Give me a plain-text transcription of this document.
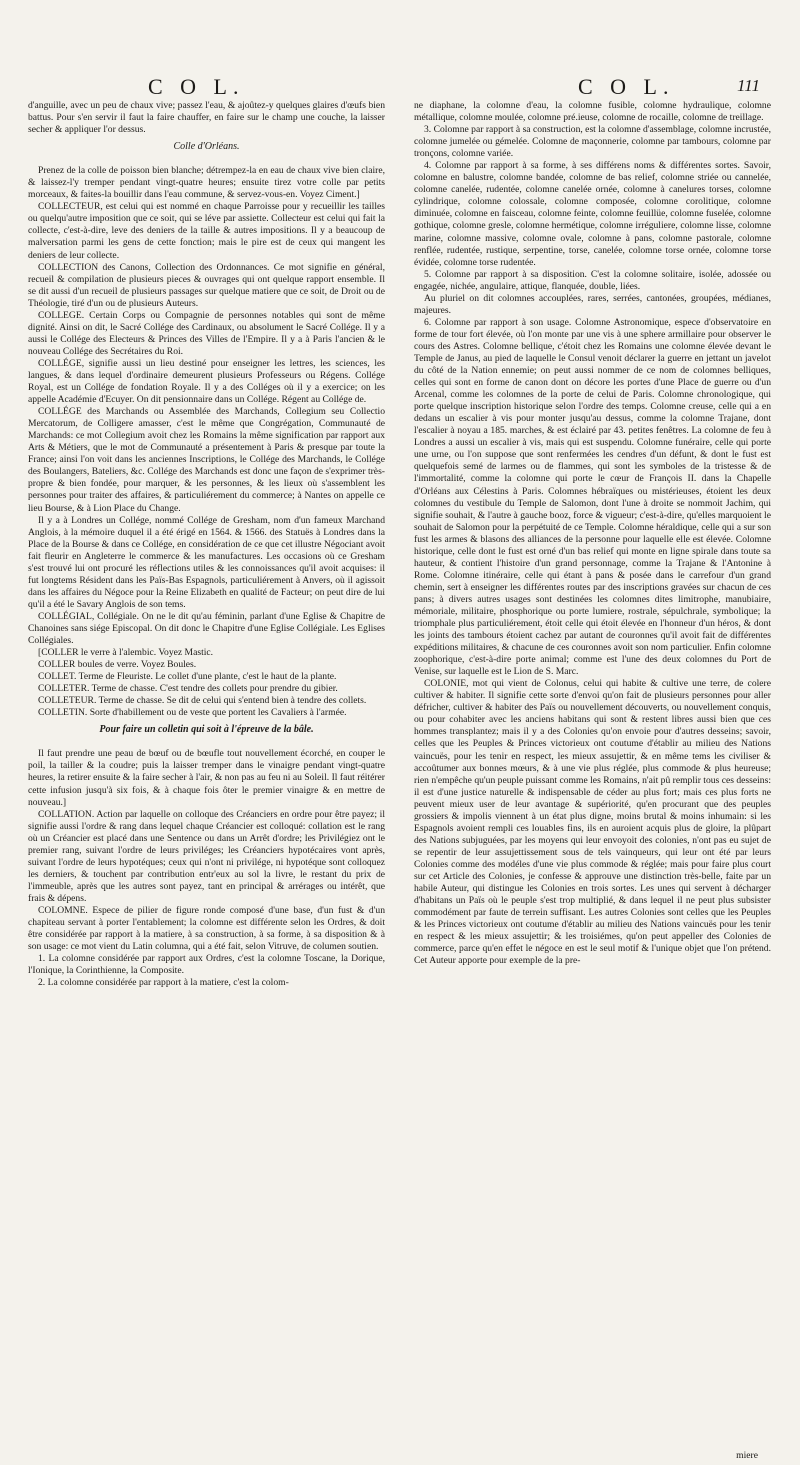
C O L.	C O L.	111

d'anguille, avec un peu de chaux vive; passez l'eau, & ajoûtez-y quelques glaires d'œufs bien battus. Pour s'en servir il faut la faire chauffer, en faire sur le champ une couche, la laisser secher & appliquer l'or dessus.

Colle d'Orléans.

Prenez de la colle de poisson bien blanche; détrempez-la en eau de chaux vive bien claire, & laissez-l'y tremper pendant vingt-quatre heures; ensuite tirez votre colle par petits morceaux, & faites-la bouillir dans l'eau commune, & servez-vous-en. Voyez Ciment.]

COLLECTEUR, est celui qui est nommé en chaque Parroisse pour y recueillir les tailles ou quelqu'autre imposition que ce soit, qui se léve par assiette. Collecteur est celui qui fait la collecte, c'est-à-dire, leve des deniers de la taille & autres impositions. Il y a beaucoup de malversation parmi les gens de cette fonction; mais le pire est de ceux qui mangent les deniers de leur collecte.

COLLECTION des Canons, Collection des Ordonnances. Ce mot signifie en général, recueil & compilation de plusieurs pieces & ouvrages qui ont quelque rapport ensemble. Il se dit aussi d'un recueil de plusieurs passages sur quelque matiere que ce soit, de Droit ou de Théologie, tiré d'un ou de plusieurs Auteurs.

COLLEGE. Certain Corps ou Compagnie de personnes notables qui sont de même dignité. Ainsi on dit, le Sacré Collége des Cardinaux, ou absolument le Sacré Collége. Il y a aussi le Collége des Electeurs & Princes des Villes de l'Empire. Il y a à Paris l'ancien & le nouveau Collége des Secrétaires du Roi.

COLLÉGE, signifie aussi un lieu destiné pour enseigner les lettres, les sciences, les langues, & dans lequel d'ordinaire demeurent plusieurs Professeurs ou Régens. Collége Royal, est un Collége de fondation Royale. Il y a des Colléges où il y a exercice; on les appelle Académie d'Ecuyer. On dit pensionnaire dans un Collége. Régent au Collége de.

COLLÉGE des Marchands ou Assemblée des Marchands, Collegium seu Collectio Mercatorum, de Colligere amasser, c'est le même que Congrégation, Communauté de Marchands: ce mot Collegium avoit chez les Romains la même signification par rapport aux Arts & Métiers, que le mot de Communauté a présentement à Paris & presque par toute la France; ainsi l'on voit dans les anciennes Inscriptions, le Collége des Marchands, le Collége des Boulangers, Bateliers, &c. Collége des Marchands est donc une façon de s'exprimer très-propre & bien fondée, pour marquer, & les personnes, & les lieux où s'assemblent les personnes pour traiter des affaires, & particuliérement du commerce; à Nantes on appelle ce lieu Bourse, & à Lion Place du Change.

Il y a à Londres un Collége, nommé Collége de Gresham, nom d'un fameux Marchand Anglois, à la mémoire duquel il a été érigé en 1564. & 1566. des Statuës à Londres dans la Place de la Bourse & dans ce Collége, en considération de ce que cet illustre Négociant avoit fait fleurir en Angleterre le commerce & les manufactures. Les occasions où ce Gresham s'est trouvé lui ont procuré les réflections utiles & les connoissances qu'il avoit acquises: il fut longtems Résident dans les Païs-Bas Espagnols, particuliérement à Anvers, où il agissoit dans les affaires du Négoce pour la Reine Elizabeth en qualité de Facteur; on peut dire de lui qu'il a été le Savary Anglois de son tems.

COLLÉGIAL, Collégiale. On ne le dit qu'au féminin, parlant d'une Eglise & Chapitre de Chanoines sans siége Episcopal. On dit donc le Chapitre d'une Eglise Collégiale. Les Eglises Collégiales.

[COLLER le verre à l'alembic. Voyez Mastic.

COLLER boules de verre. Voyez Boules.

COLLET. Terme de Fleuriste. Le collet d'une plante, c'est le haut de la plante.

COLLETER. Terme de chasse. C'est tendre des collets pour prendre du gibier.

COLLETEUR. Terme de chasse. Se dit de celui qui s'entend bien à tendre des collets.

COLLETIN. Sorte d'habillement ou de veste que portent les Cavaliers à l'armée.

Pour faire un colletin qui soit à l'épreuve de la bâle.

Il faut prendre une peau de bœuf ou de bœufle tout nouvellement écorché, en couper le poil, la tailler & la coudre; puis la laisser tremper dans le vinaigre pendant vingt-quatre heures, la retirer ensuite & la faire secher à l'air, & non pas au feu ni au Soleil. Il faut réitérer cette infusion jusqu'à six fois, & à chaque fois ôter le premier vinaigre & en mettre de nouveau.]

COLLATION. Action par laquelle on colloque des Créanciers en ordre pour être payez; il signifie aussi l'ordre & rang dans lequel chaque Créancier est colloqué: collation est le rang où un Créancier est placé dans une Sentence ou dans un Arrêt d'ordre; les Privilégiez ont le premier rang, suivant l'ordre de leurs priviléges; les Créanciers hypotécaires vont après, suivant l'ordre de leurs hypotéques; ceux qui n'ont ni privilége, ni hypotéque sont colloquez les derniers, & touchent par contribution entr'eux au sol la livre, le restant du prix de l'immeuble, après que les autres sont payez, tant en principal & arrérages ou intérêt, que frais & dépens.

COLOMNE. Espece de pilier de figure ronde composé d'une base, d'un fust & d'un chapiteau servant à porter l'entablement; la colomne est différente selon les Ordres, & doit être considérée par rapport à la matiere, à sa construction, à sa forme, à sa disposition & à son usage: ce mot vient du Latin columna, qui a été fait, selon Vitruve, de columen soutien.

1. La colomne considérée par rapport aux Ordres, c'est la colomne Toscane, la Dorique, l'Ionique, la Corinthienne, la Composite.

2. La colomne considérée par rapport à la matiere, c'est la colom-

ne diaphane, la colomne d'eau, la colomne fusible, colomne hydraulique, colomne métallique, colomne moulée, colomne pré.ieuse, colomne de rocaille, colomne de treillage.

3. Colomne par rapport à sa construction, est la colomne d'assemblage, colomne incrustée, colomne jumelée ou gémelée. Colomne de maçonnerie, colomne par tambours, colomne par tronçons, colomne variée.

4. Colomne par rapport à sa forme, à ses différens noms & différentes sortes. Savoir, colomne en balustre, colomne bandée, colomne de bas relief, colomne striée ou cannelée, colomne canelée, rudentée, colomne canelée ornée, colomne à canelures torses, colomne cylindrique, colomne colossale, colomne composée, colomne corolitique, colomne diminuée, colomne en faisceau, colomne feinte, colomne feuillüe, colomne fuselée, colomne gothique, colomne gresle, colomne hermétique, colomne irréguliere, colomne lisse, colomne marine, colomne massive, colomne ovale, colomne à pans, colomne pastorale, colomne renflée, rudentée, rustique, serpentine, torse, canelée, colomne torse ornée, colomne torse évidée, colomne torse rudentée.

5. Colomne par rapport à sa disposition. C'est la colomne solitaire, isolée, adossée ou engagée, nichée, angulaire, attique, flanquée, double, liées.

Au pluriel on dit colomnes accouplées, rares, serrées, cantonées, groupées, médianes, majeures.

6. Colomne par rapport à son usage. Colomne Astronomique, espece d'observatoire en forme de tour fort élevée, où l'on monte par une vis à une sphere armillaire pour observer le cours des Astres. Colomne bellique, c'étoit chez les Romains une colomne élevée devant le Temple de Janus, au pied de laquelle le Consul venoit déclarer la guerre en jettant un javelot du côté de la Nation ennemie; on peut aussi nommer de ce nom de colomnes belliques, celles qui sont en forme de canon dont on décore les portes d'une Place de guerre ou d'un Arcenal, comme les colomnes de la porte de celui de Paris. Colomne chronologique, qui porte quelque inscription historique selon l'ordre des temps. Colomne creuse, celle qui a en dedans un escalier à vis pour monter jusqu'au dessus, comme la colomne Trajane, dont l'escalier à noyau a 185. marches, & est éclairé par 43. petites fenêtres. La colomne de feu à Londres a aussi un escalier à vis, mais qui est suspendu. Colomne funéraire, celle qui porte une urne, ou l'on suppose que sont renfermées les cendres d'un défunt, & dont le fust est quelquefois semé de larmes ou de flammes, qui sont les symboles de la tristesse & de l'immortalité, comme la colomne qui porte le cœur de François II. dans la Chapelle d'Orléans aux Célestins à Paris. Colomnes hébraïques ou mistérieuses, étoient les deux colomnes du vestibule du Temple de Salomon, dont l'une à droite se nommoit Jachim, qui signifie souhait, & l'autre à gauche booz, force & vigueur; c'est-à-dire, qu'elles marquoient le souhait de Salomon pour la perpétuité de ce Temple. Colomne héraldique, celle qui a sur son fust les armes & blasons des alliances de la personne pour laquelle elle est élevée. Colomne historique, celle dont le fust est orné d'un bas relief qui monte en ligne spirale dans toute sa hauteur, & contient l'histoire d'un grand personnage, comme la Trajane & l'Antonine à Rome. Colomne itinéraire, celle qui étant à pans & posée dans le carrefour d'un grand chemin, sert à enseigner les différentes routes par des inscriptions gravées sur chacun de ces pans; à divers autres usages sont destinées les colomnes dites limitrophe, manubiaire, mémoriale, militaire, phosphorique ou porte lumiere, rostrale, sépulchrale, symbolique; la triomphale plus particuliérement, étoit celle qui étoit élevée en l'honneur d'un héros, & dont les joints des tambours étoient cachez par autant de couronnes qu'il avoit fait de différentes expéditions militaires, & chacune de ces couronnes avoit son nom particulier. Enfin colomne zoophorique, c'est-à-dire porte animal; comme est l'une des deux colomnes du Port de Venise, sur laquelle est le Lion de S. Marc.

COLONIE, mot qui vient de Colonus, celui qui habite & cultive une terre, de colere cultiver & habiter. Il signifie cette sorte d'envoi qu'on fait de plusieurs personnes pour aller défricher, cultiver & habiter des Païs ou nouvellement découverts, ou nouvellement conquis, ou pour cohabiter avec les anciens habitans qui sont & restent libres aussi bien que ces hommes transplantez; mais il y a des Colonies qu'on envoie pour d'autres desseins; savoir, celles que les Peuples & Princes victorieux ont coutume d'établir au milieu des Nations vaincuës, pour les tenir en respect, les mieux assujettir, & en même tems les civiliser & accoûtumer aux bonnes mœurs, & à une vie plus réglée, plus commode & plus heureuse; rien n'empêche qu'un peuple puissant comme les Romains, n'ait pû remplir tous ces desseins: il est d'une justice naturelle & indispensable de céder au plus fort; mais ces plus forts ne peuvent mieux user de leur avantage & supériorité, qu'en procurant que des peuples grossiers & impolis viennent à un état plus digne, moins brutal & moins inhumain: si les Espagnols avoient rempli ces louables fins, ils en auroient acquis plus de gloire, la plûpart des Nations subjuguées, par les moyens qui leur envoyoit des colonies, n'ont pas eu sujet de se repentir de leur assujettissement sous de tels vainqueurs, qui leur ont été par leurs Colonies comme des modéles d'une vie plus commode & réglée; mais pour faire plus court sur cet Article des Colonies, je confesse & approuve une distinction très-belle, faite par un habile Auteur, qui distingue les Colonies en trois sortes. Les unes qui servent à décharger d'habitans un Païs où le peuple s'est trop multiplié, & dans lequel il ne peut plus subsister commodément par faute de terrein suffisant. Les autres Colonies sont celles que les Peuples & les Princes victorieux ont coutume d'établir au milieu des Nations vaincuës pour les tenir en respect & les mieux assujettir; & les troisiémes, qu'on peut appeller des Colonies de commerce, parce qu'en effet le négoce en est le seul motif & l'unique objet que l'on prétend. Cet Auteur apporte pour exemple de la pre-

miere
